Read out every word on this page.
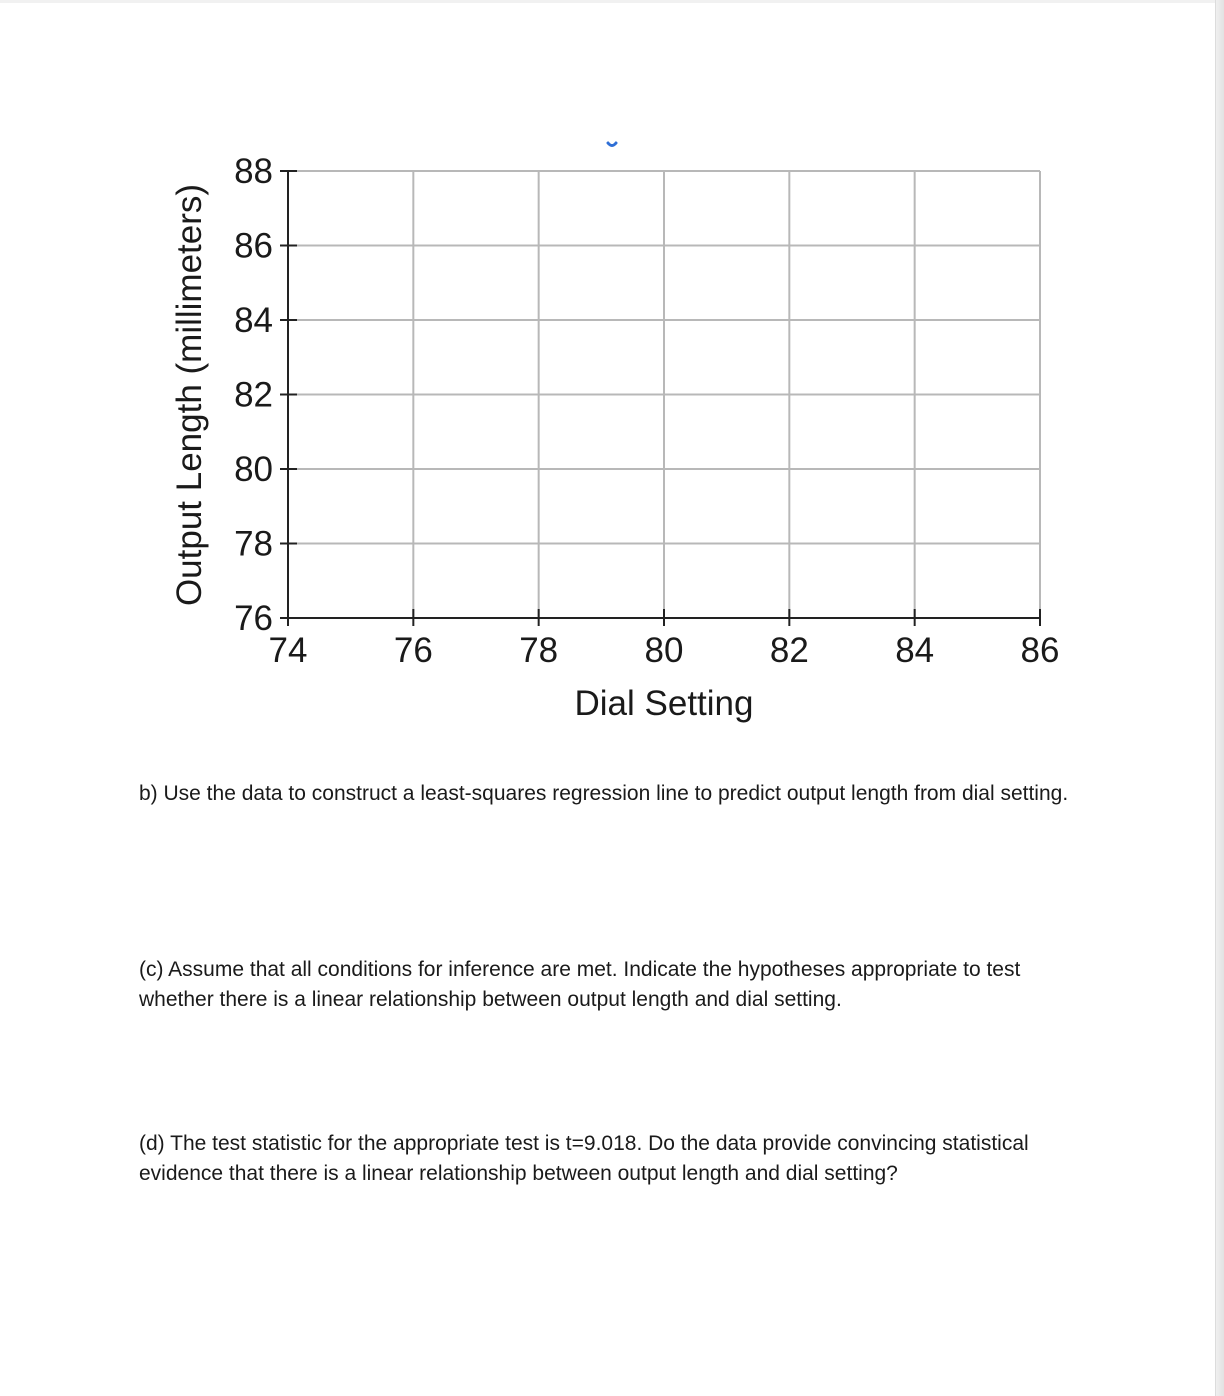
74 76 78 80 82 84 86
76
78
80
82
84
86
88
Dial Setting
Output Length (millimeters)
b) Use the data to construct a least-squares regression line to predict output length from dial setting.
(c) Assume that all conditions for inference are met. Indicate the hypotheses appropriate to test whether there is a linear relationship between output length and dial setting.
(d) The test statistic for the appropriate test is t=9.018. Do the data provide convincing statistical evidence that there is a linear relationship between output length and dial setting?
